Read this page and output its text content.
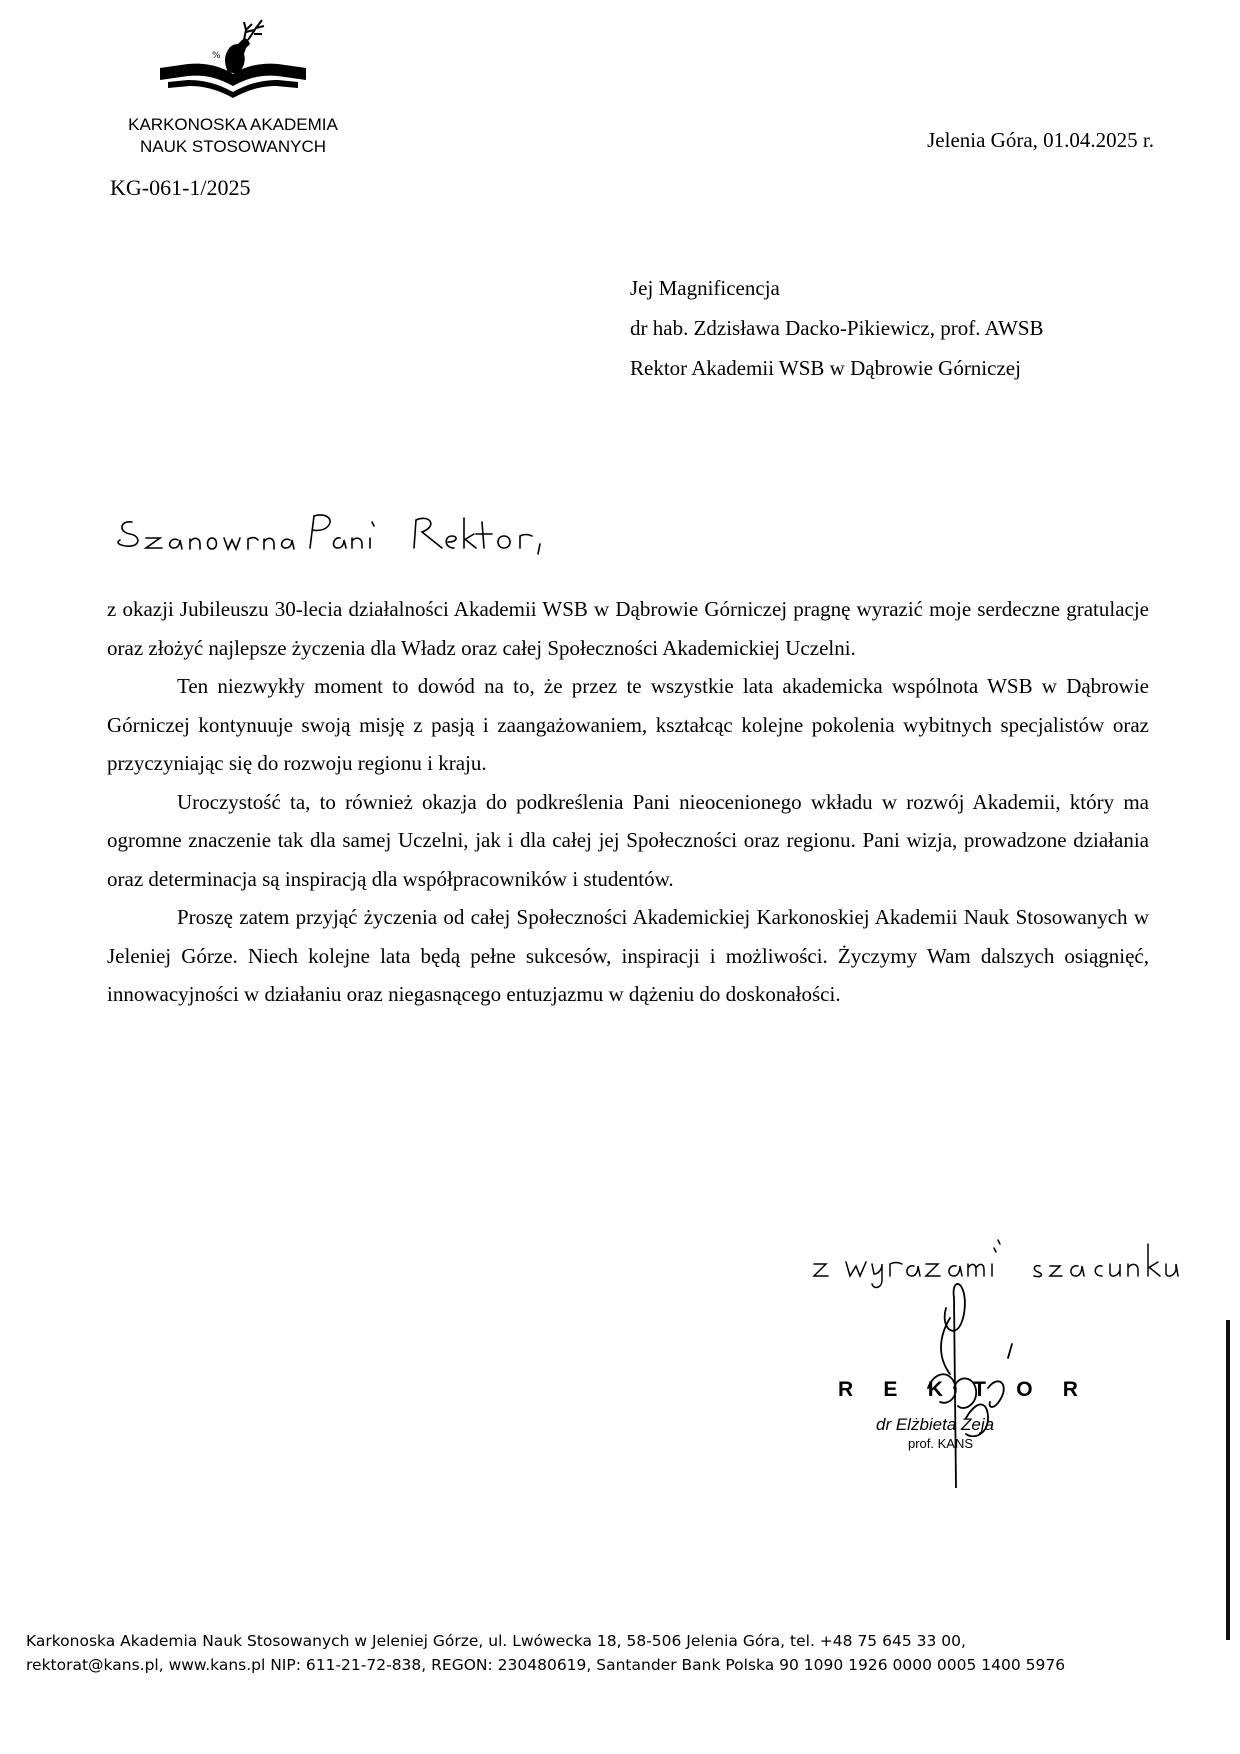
%
KARKONOSKA AKADEMIA
NAUK STOSOWANYCH
KG-061-1/2025
Jelenia Góra, 01.04.2025 r.
Jej Magnificencja
dr hab. Zdzisława Dacko-Pikiewicz, prof. AWSB
Rektor Akademii WSB w Dąbrowie Górniczej

z okazji Jubileuszu 30-lecia działalności Akademii WSB w Dąbrowie Górniczej pragnę wyrazić moje serdeczne gratulacje oraz złożyć najlepsze życzenia dla Władz oraz całej Społeczności Akademickiej Uczelni.

Ten niezwykły moment to dowód na to, że przez te wszystkie lata akademicka wspólnota WSB w Dąbrowie Górniczej kontynuuje swoją misję z pasją i zaangażowaniem, kształcąc kolejne pokolenia wybitnych specjalistów oraz przyczyniając się do rozwoju regionu i kraju.

Uroczystość ta, to również okazja do podkreślenia Pani nieocenionego wkładu w rozwój Akademii, który ma ogromne znaczenie tak dla samej Uczelni, jak i dla całej jej Społeczności oraz regionu. Pani wizja, prowadzone działania oraz determinacja są inspiracją dla współpracowników i studentów.

Proszę zatem przyjąć życzenia od całej Społeczności Akademickiej Karkonoskiej Akademii Nauk Stosowanych w Jeleniej Górze. Niech kolejne lata będą pełne sukcesów, inspiracji i możliwości. Życzymy Wam dalszych osiągnięć, innowacyjności w działaniu oraz niegasnącego entuzjazmu w dążeniu do doskonałości.

R E K T O R
dr Elżbieta Zeja
prof. KANS
Karkonoska Akademia Nauk Stosowanych w Jeleniej Górze, ul. Lwówecka 18, 58-506 Jelenia Góra, tel. +48 75 645 33 00,
rektorat@kans.pl, www.kans.pl NIP: 611-21-72-838, REGON: 230480619, Santander Bank Polska 90 1090 1926 0000 0005 1400 5976
